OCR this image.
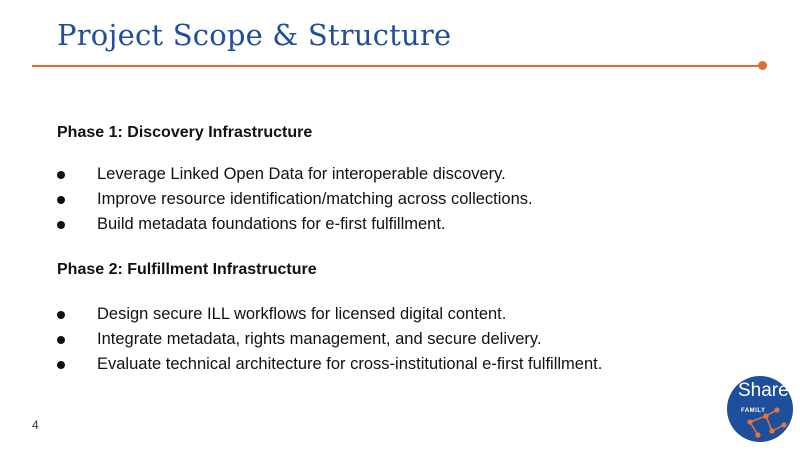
Project Scope & Structure
Phase 1: Discovery Infrastructure
Leverage Linked Open Data for interoperable discovery.
Improve resource identification/matching across collections.
Build metadata foundations for e-first fulfillment.
Phase 2: Fulfillment Infrastructure
Design secure ILL workflows for licensed digital content.
Integrate metadata, rights management, and secure delivery.
Evaluate technical architecture for cross-institutional e-first fulfillment.
4
Share
FAMILY
